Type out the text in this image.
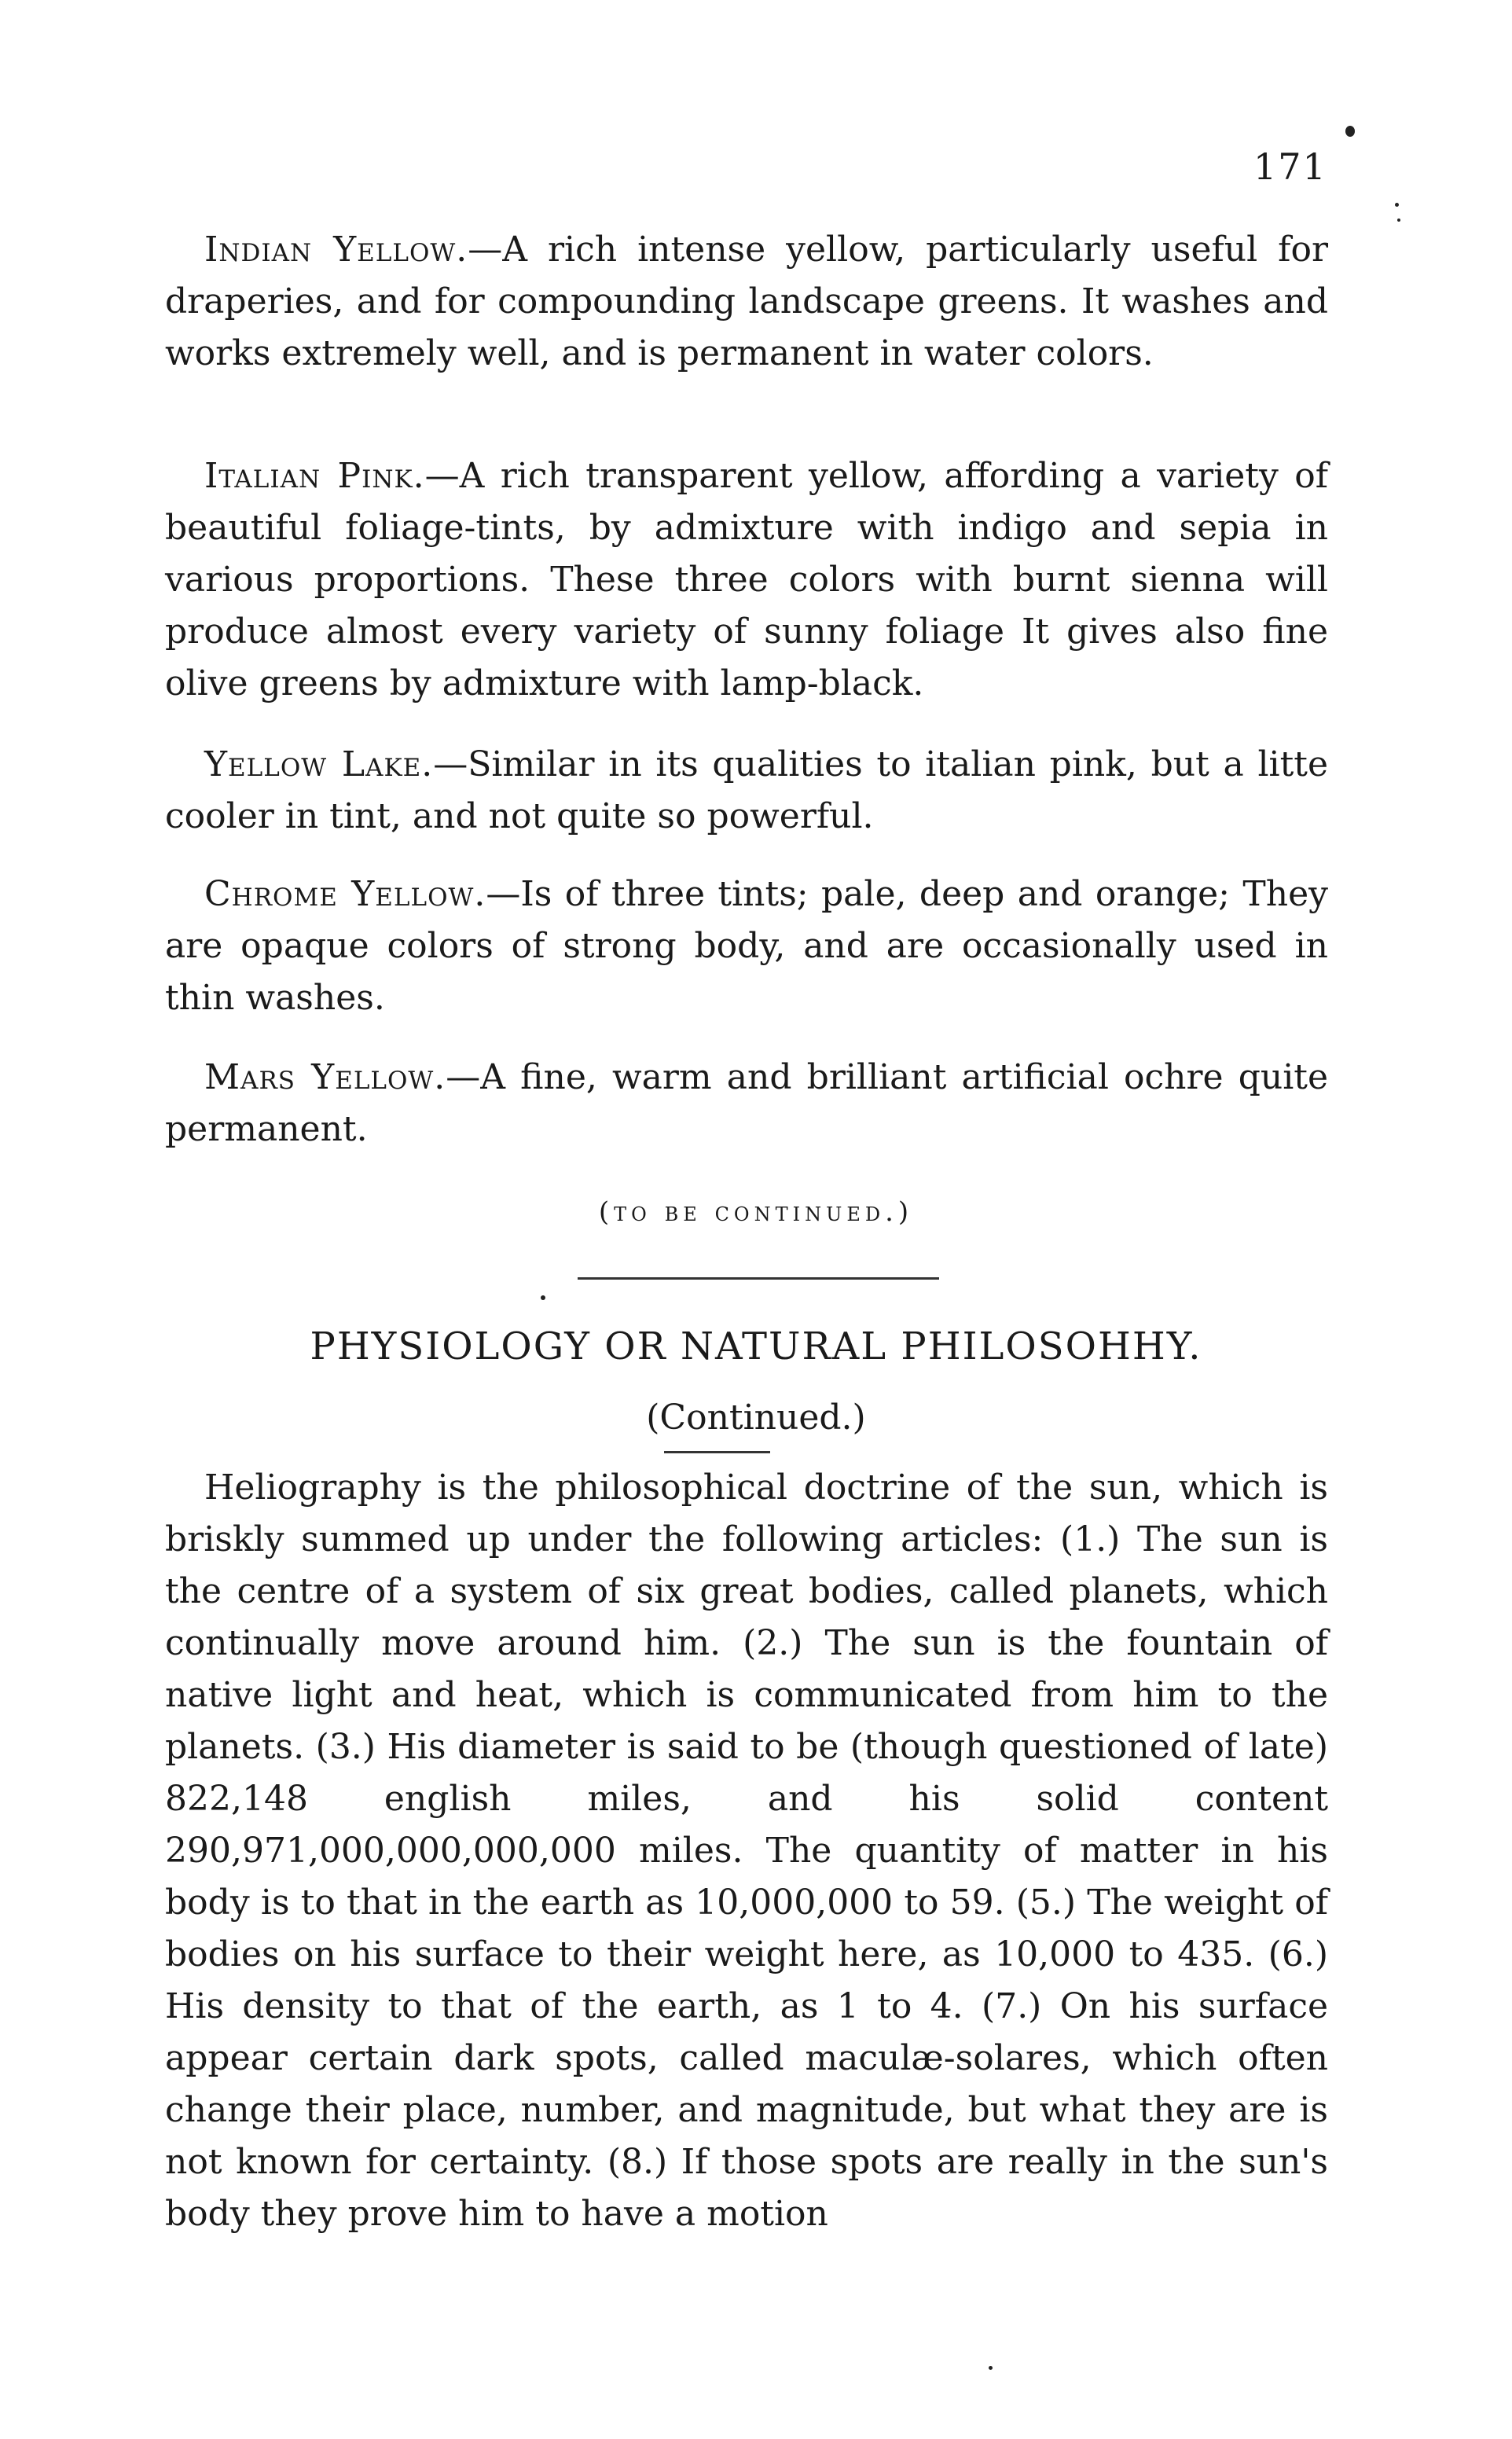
171

Indian Yellow.—A rich intense yellow, particularly useful for draperies, and for compounding landscape greens. It washes and works extremely well, and is permanent in water colors.

Italian Pink.—A rich transparent yellow, affording a variety of beautiful foliage-tints, by admixture with indigo and sepia in various proportions. These three colors with burnt sienna will produce almost every variety of sunny foliage It gives also fine olive greens by admixture with lamp-black.

Yellow Lake.—Similar in its qualities to italian pink, but a litte cooler in tint, and not quite so powerful.

Chrome Yellow.—Is of three tints; pale, deep and orange; They are opaque colors of strong body, and are occasionally used in thin washes.

Mars Yellow.—A fine, warm and brilliant artificial ochre quite permanent.

(to be continued.)
PHYSIOLOGY OR NATURAL PHILOSOHHY.

(Continued.)

Heliography is the philosophical doctrine of the sun, which is briskly summed up under the following articles: (1.) The sun is the centre of a system of six great bodies, called planets, which continually move around him. (2.) The sun is the fountain of native light and heat, which is communicated from him to the planets. (3.) His diameter is said to be (though questioned of late) 822,148 english miles, and his solid content 290,971,000,000,000,000 miles. The quantity of matter in his body is to that in the earth as 10,000,000 to 59. (5.) The weight of bodies on his surface to their weight here, as 10,000 to 435. (6.) His density to that of the earth, as 1 to 4. (7.) On his surface appear certain dark spots, called maculæ-solares, which often change their place, number, and magnitude, but what they are is not known for certainty. (8.) If those spots are really in the sun's body they prove him to have a motion
